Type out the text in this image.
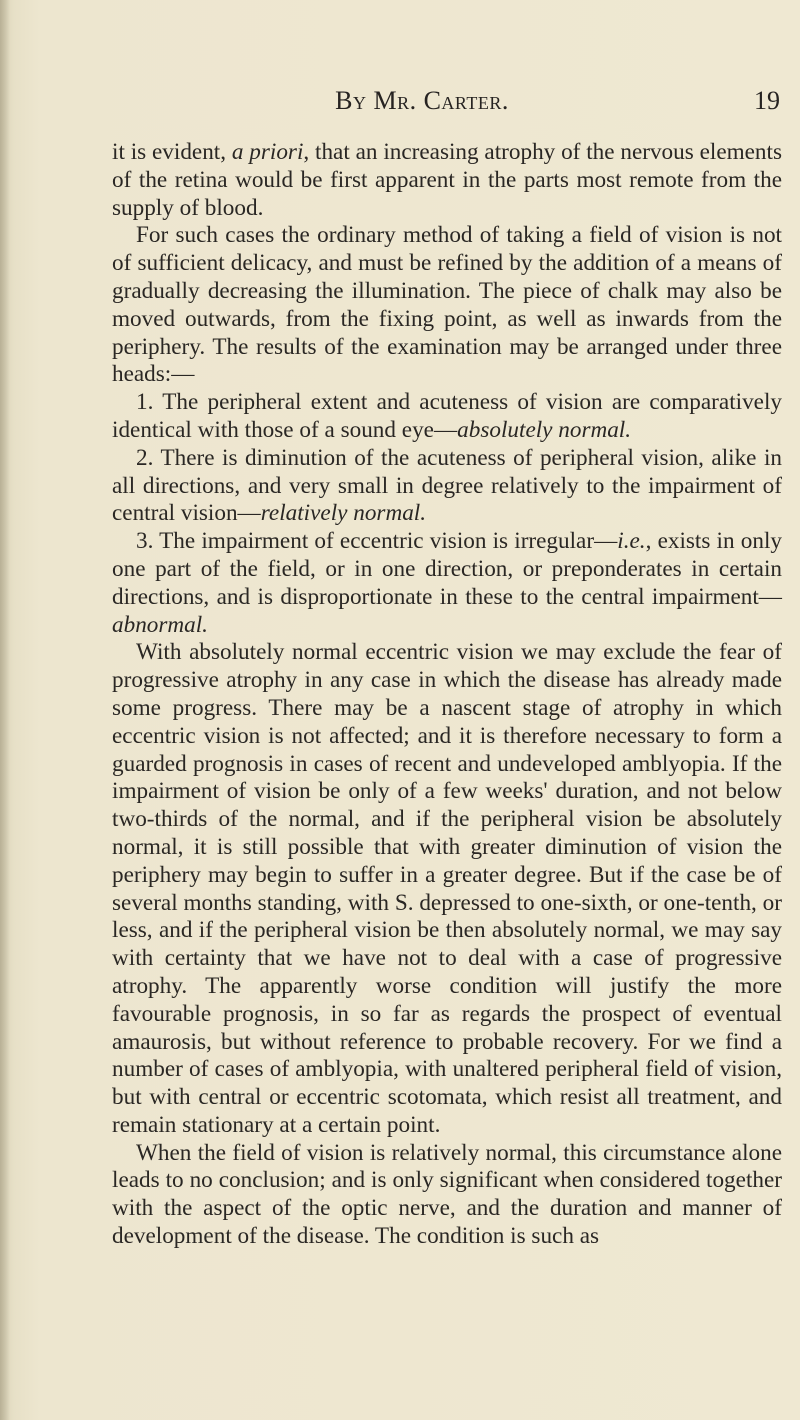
By Mr. Carter.	19

it is evident, a priori, that an increasing atrophy of the nervous elements of the retina would be first apparent in the parts most remote from the supply of blood.

For such cases the ordinary method of taking a field of vision is not of sufficient delicacy, and must be refined by the addition of a means of gradually decreasing the illumination. The piece of chalk may also be moved outwards, from the fixing point, as well as inwards from the periphery. The results of the examination may be arranged under three heads:—

1. The peripheral extent and acuteness of vision are comparatively identical with those of a sound eye—absolutely normal.

2. There is diminution of the acuteness of peripheral vision, alike in all directions, and very small in degree relatively to the impairment of central vision—relatively normal.

3. The impairment of eccentric vision is irregular—i.e., exists in only one part of the field, or in one direction, or preponderates in certain directions, and is disproportionate in these to the central impairment—abnormal.

With absolutely normal eccentric vision we may exclude the fear of progressive atrophy in any case in which the disease has already made some progress. There may be a nascent stage of atrophy in which eccentric vision is not affected; and it is therefore necessary to form a guarded prognosis in cases of recent and undeveloped amblyopia. If the impairment of vision be only of a few weeks' duration, and not below two-thirds of the normal, and if the peripheral vision be absolutely normal, it is still possible that with greater diminution of vision the periphery may begin to suffer in a greater degree. But if the case be of several months standing, with S. depressed to one-sixth, or one-tenth, or less, and if the peripheral vision be then absolutely normal, we may say with certainty that we have not to deal with a case of progressive atrophy. The apparently worse condition will justify the more favourable prognosis, in so far as regards the prospect of eventual amaurosis, but without reference to probable recovery. For we find a number of cases of amblyopia, with unaltered peripheral field of vision, but with central or eccentric scotomata, which resist all treatment, and remain stationary at a certain point.

When the field of vision is relatively normal, this circumstance alone leads to no conclusion; and is only significant when considered together with the aspect of the optic nerve, and the duration and manner of development of the disease. The condition is such as
